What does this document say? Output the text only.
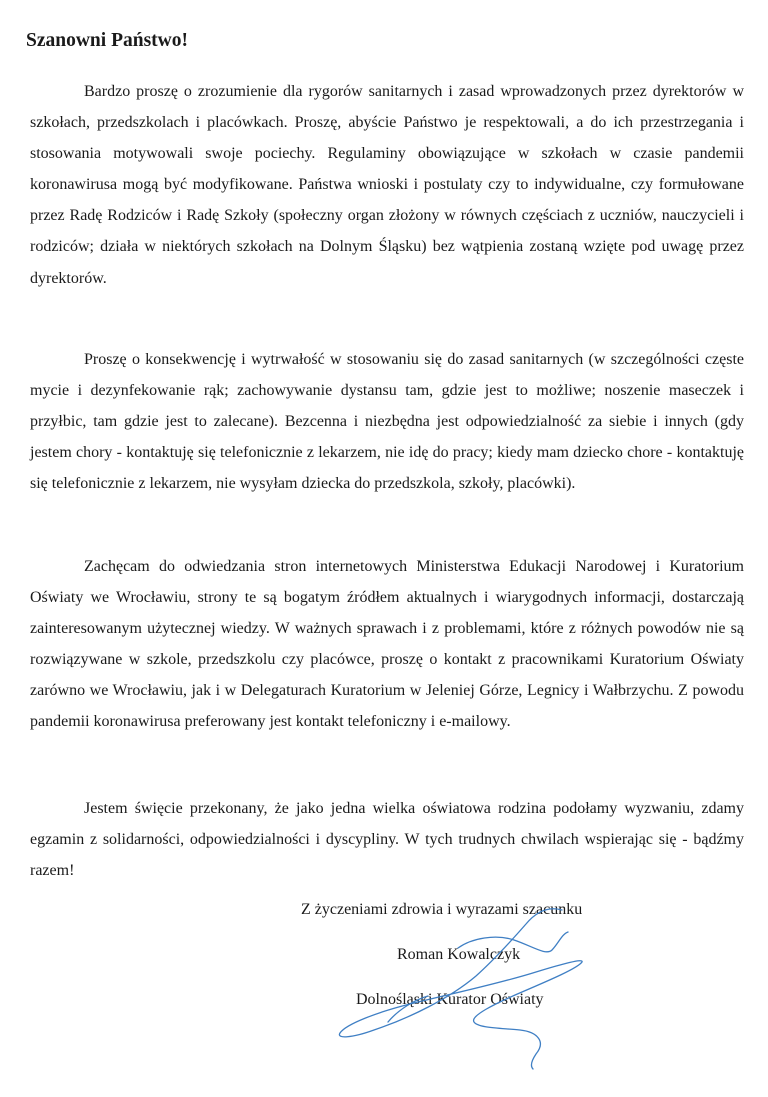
Szanowni Państwo!

Bardzo proszę o zrozumienie dla rygorów sanitarnych i zasad wprowadzonych przez dyrektorów w szkołach, przedszkolach i placówkach. Proszę, abyście Państwo je respektowali, a do ich przestrzegania i stosowania motywowali swoje pociechy. Regulaminy obowiązujące w szkołach w czasie pandemii koronawirusa mogą być modyfikowane. Państwa wnioski i postulaty czy to indywidualne, czy formułowane przez Radę Rodziców i Radę Szkoły (społeczny organ złożony w równych częściach z uczniów, nauczycieli i rodziców; działa w niektórych szkołach na Dolnym Śląsku) bez wątpienia zostaną wzięte pod uwagę przez dyrektorów.

Proszę o konsekwencję i wytrwałość w stosowaniu się do zasad sanitarnych (w szczególności częste mycie i dezynfekowanie rąk; zachowywanie dystansu tam, gdzie jest to możliwe; noszenie maseczek i przyłbic, tam gdzie jest to zalecane). Bezcenna i niezbędna jest odpowiedzialność za siebie i innych (gdy jestem chory - kontaktuję się telefonicznie z lekarzem, nie idę do pracy; kiedy mam dziecko chore - kontaktuję się telefonicznie z lekarzem, nie wysyłam dziecka do przedszkola, szkoły, placówki).

Zachęcam do odwiedzania stron internetowych Ministerstwa Edukacji Narodowej i Kuratorium Oświaty we Wrocławiu, strony te są bogatym źródłem aktualnych i wiarygodnych informacji, dostarczają zainteresowanym użytecznej wiedzy. W ważnych sprawach i z problemami, które z różnych powodów nie są rozwiązywane w szkole, przedszkolu czy placówce, proszę o kontakt z pracownikami Kuratorium Oświaty zarówno we Wrocławiu, jak i w Delegaturach Kuratorium w Jeleniej Górze, Legnicy i Wałbrzychu. Z powodu pandemii koronawirusa preferowany jest kontakt telefoniczny i e-mailowy.

Jestem święcie przekonany, że jako jedna wielka oświatowa rodzina podołamy wyzwaniu, zdamy egzamin z solidarności, odpowiedzialności i dyscypliny. W tych trudnych chwilach wspierając się - bądźmy razem!

Z życzeniami zdrowia i wyrazami szacunku

Roman Kowalczyk

Dolnośląski Kurator Oświaty
